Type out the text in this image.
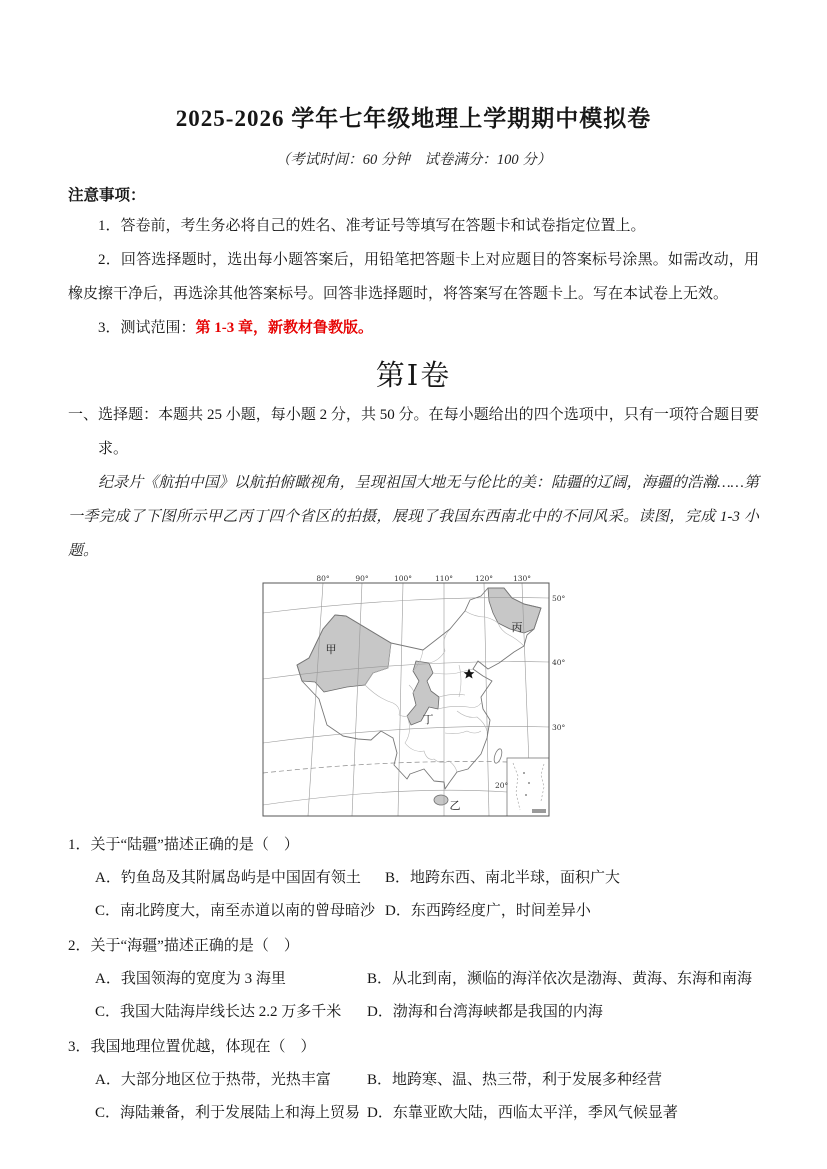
2025-2026 学年七年级地理上学期期中模拟卷

（考试时间：60 分钟　试卷满分：100 分）

注意事项：

1．答卷前，考生务必将自己的姓名、准考证号等填写在答题卡和试卷指定位置上。

2．回答选择题时，选出每小题答案后，用铅笔把答题卡上对应题目的答案标号涂黑。如需改动，用橡皮擦干净后，再选涂其他答案标号。回答非选择题时，将答案写在答题卡上。写在本试卷上无效。

3．测试范围：第 1-3 章，新教材鲁教版。

第Ⅰ卷

一、选择题：本题共 25 小题，每小题 2 分，共 50 分。在每小题给出的四个选项中，只有一项符合题目要求。

纪录片《航拍中国》以航拍俯瞰视角，呈现祖国大地无与伦比的美：陆疆的辽阔，海疆的浩瀚……第一季完成了下图所示甲乙丙丁四个省区的拍摄，展现了我国东西南北中的不同风采。读图，完成 1-3 小题。

80°	90°	100°	110°	120°	130°
50°
40°
30°
20°
甲
丙
丁
乙

1．关于“陆疆”描述正确的是（　）

A．钓鱼岛及其附属岛屿是中国固有领土	B．地跨东西、南北半球，面积广大
C．南北跨度大，南至赤道以南的曾母暗沙 D．东西跨经度广，时间差异小

2．关于“海疆”描述正确的是（　）

A．我国领海的宽度为 3 海里	B．从北到南，濒临的海洋依次是渤海、黄海、东海和南海
C．我国大陆海岸线长达 2.2 万多千米	D．渤海和台湾海峡都是我国的内海

3．我国地理位置优越，体现在（　）

A．大部分地区位于热带，光热丰富	B．地跨寒、温、热三带，利于发展多种经营
C．海陆兼备，利于发展陆上和海上贸易 D．东靠亚欧大陆，西临太平洋，季风气候显著
